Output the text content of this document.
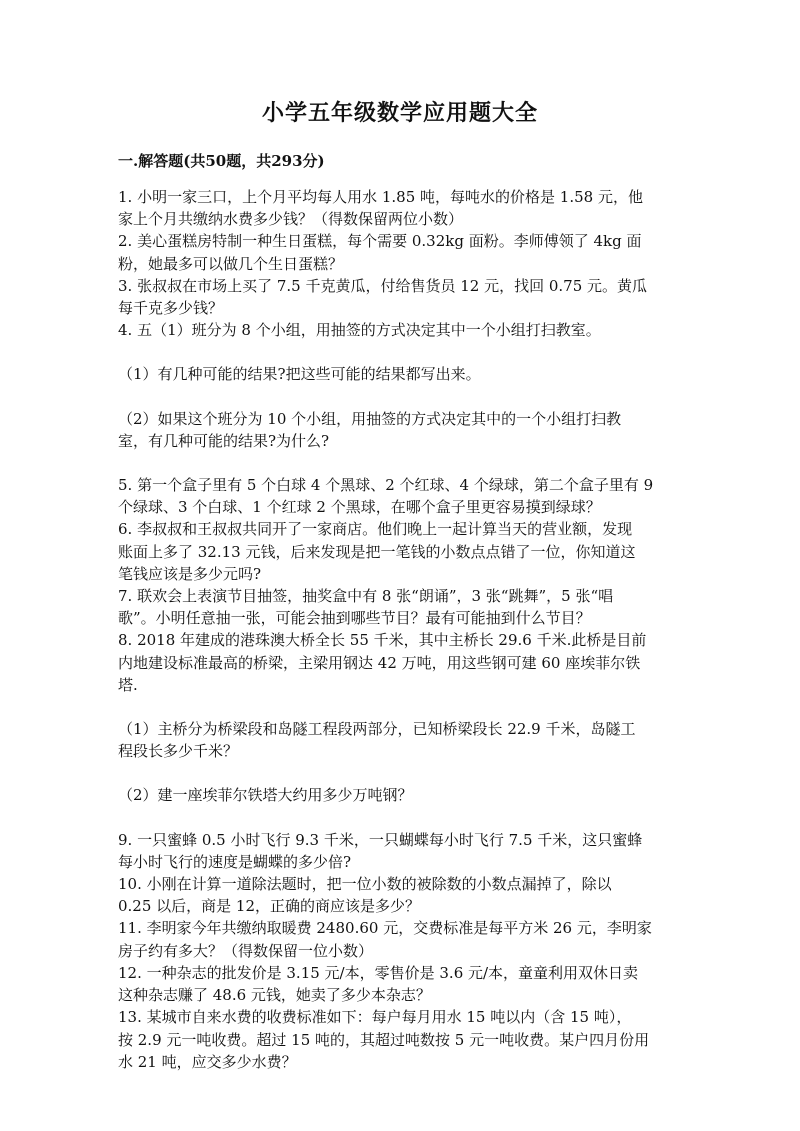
小学五年级数学应用题大全
一.解答题(共50题，共293分)
1. 小明一家三口，上个月平均每人用水 1.85 吨，每吨水的价格是 1.58 元，他
家上个月共缴纳水费多少钱？（得数保留两位小数）
2. 美心蛋糕房特制一种生日蛋糕，每个需要 0.32kg 面粉。李师傅领了 4kg 面
粉，她最多可以做几个生日蛋糕？
3. 张叔叔在市场上买了 7.5 千克黄瓜，付给售货员 12 元，找回 0.75 元。黄瓜
每千克多少钱？
4. 五（1）班分为 8 个小组，用抽签的方式决定其中一个小组打扫教室。
（1）有几种可能的结果?把这些可能的结果都写出来。
（2）如果这个班分为 10 个小组，用抽签的方式决定其中的一个小组打扫教
室，有几种可能的结果?为什么?
5. 第一个盒子里有 5 个白球 4 个黑球、2 个红球、4 个绿球，第二个盒子里有 9
个绿球、3 个白球、1 个红球 2 个黑球，在哪个盒子里更容易摸到绿球？
6. 李叔叔和王叔叔共同开了一家商店。他们晚上一起计算当天的营业额，发现
账面上多了 32.13 元钱，后来发现是把一笔钱的小数点点错了一位，你知道这
笔钱应该是多少元吗?
7. 联欢会上表演节目抽签，抽奖盒中有 8 张“朗诵”，3 张“跳舞”，5 张“唱
歌”。小明任意抽一张，可能会抽到哪些节目？最有可能抽到什么节目？
8. 2018 年建成的港珠澳大桥全长 55 千米，其中主桥长 29.6 千米.此桥是目前
内地建设标准最高的桥梁，主梁用钢达 42 万吨，用这些钢可建 60 座埃菲尔铁
塔.
（1）主桥分为桥梁段和岛隧工程段两部分，已知桥梁段长 22.9 千米，岛隧工
程段长多少千米？
（2）建一座埃菲尔铁塔大约用多少万吨钢？
9. 一只蜜蜂 0.5 小时飞行 9.3 千米，一只蝴蝶每小时飞行 7.5 千米，这只蜜蜂
每小时飞行的速度是蝴蝶的多少倍?
10. 小刚在计算一道除法题时，把一位小数的被除数的小数点漏掉了，除以
0.25 以后，商是 12，正确的商应该是多少？
11. 李明家今年共缴纳取暖费 2480.60 元，交费标准是每平方米 26 元，李明家
房子约有多大？（得数保留一位小数）
12. 一种杂志的批发价是 3.15 元/本，零售价是 3.6 元/本，童童利用双休日卖
这种杂志赚了 48.6 元钱，她卖了多少本杂志？
13. 某城市自来水费的收费标准如下：每户每月用水 15 吨以内（含 15 吨），
按 2.9 元一吨收费。超过 15 吨的，其超过吨数按 5 元一吨收费。某户四月份用
水 21 吨，应交多少水费？
